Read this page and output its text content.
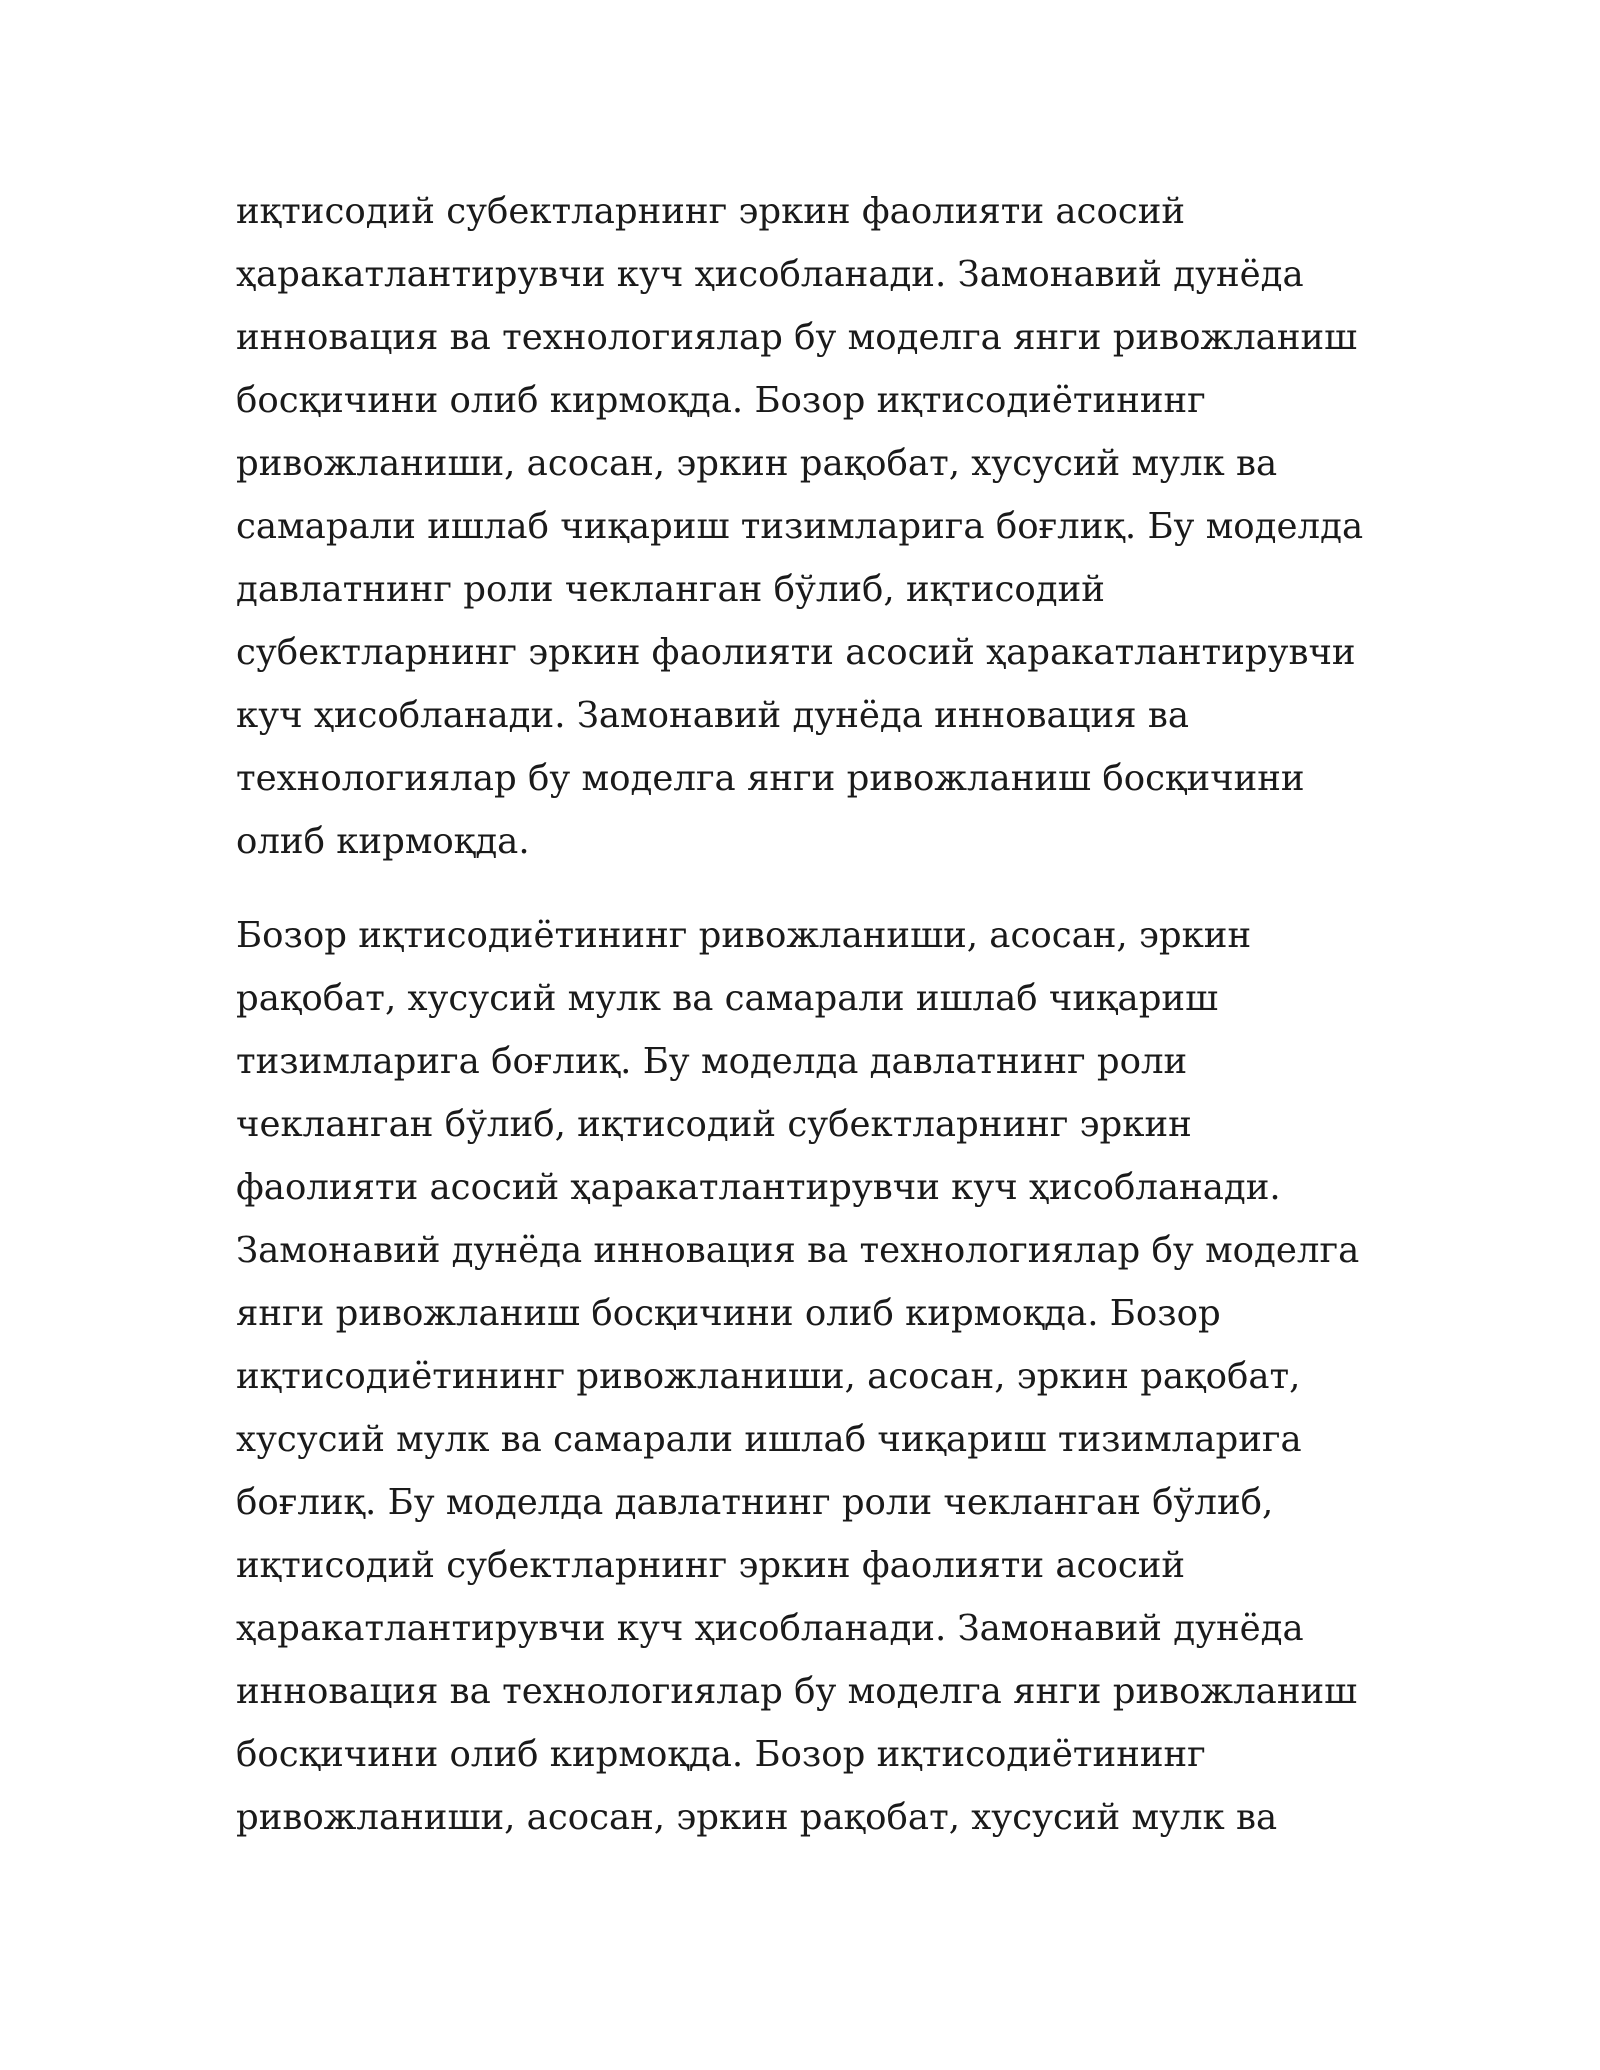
иқтисодий субектларнинг эркин фаолияти асосий
ҳаракатлантирувчи куч ҳисобланади. Замонавий дунёда
инновация ва технологиялар бу моделга янги ривожланиш
босқичини олиб кирмоқда. Бозор иқтисодиётининг
ривожланиши, асосан, эркин рақобат, хусусий мулк ва
самарали ишлаб чиқариш тизимларига боғлиқ. Бу моделда
давлатнинг роли чекланган бўлиб, иқтисодий
субектларнинг эркин фаолияти асосий ҳаракатлантирувчи
куч ҳисобланади. Замонавий дунёда инновация ва
технологиялар бу моделга янги ривожланиш босқичини
олиб кирмоқда.

Бозор иқтисодиётининг ривожланиши, асосан, эркин
рақобат, хусусий мулк ва самарали ишлаб чиқариш
тизимларига боғлиқ. Бу моделда давлатнинг роли
чекланган бўлиб, иқтисодий субектларнинг эркин
фаолияти асосий ҳаракатлантирувчи куч ҳисобланади.
Замонавий дунёда инновация ва технологиялар бу моделга
янги ривожланиш босқичини олиб кирмоқда. Бозор
иқтисодиётининг ривожланиши, асосан, эркин рақобат,
хусусий мулк ва самарали ишлаб чиқариш тизимларига
боғлиқ. Бу моделда давлатнинг роли чекланган бўлиб,
иқтисодий субектларнинг эркин фаолияти асосий
ҳаракатлантирувчи куч ҳисобланади. Замонавий дунёда
инновация ва технологиялар бу моделга янги ривожланиш
босқичини олиб кирмоқда. Бозор иқтисодиётининг
ривожланиши, асосан, эркин рақобат, хусусий мулк ва
